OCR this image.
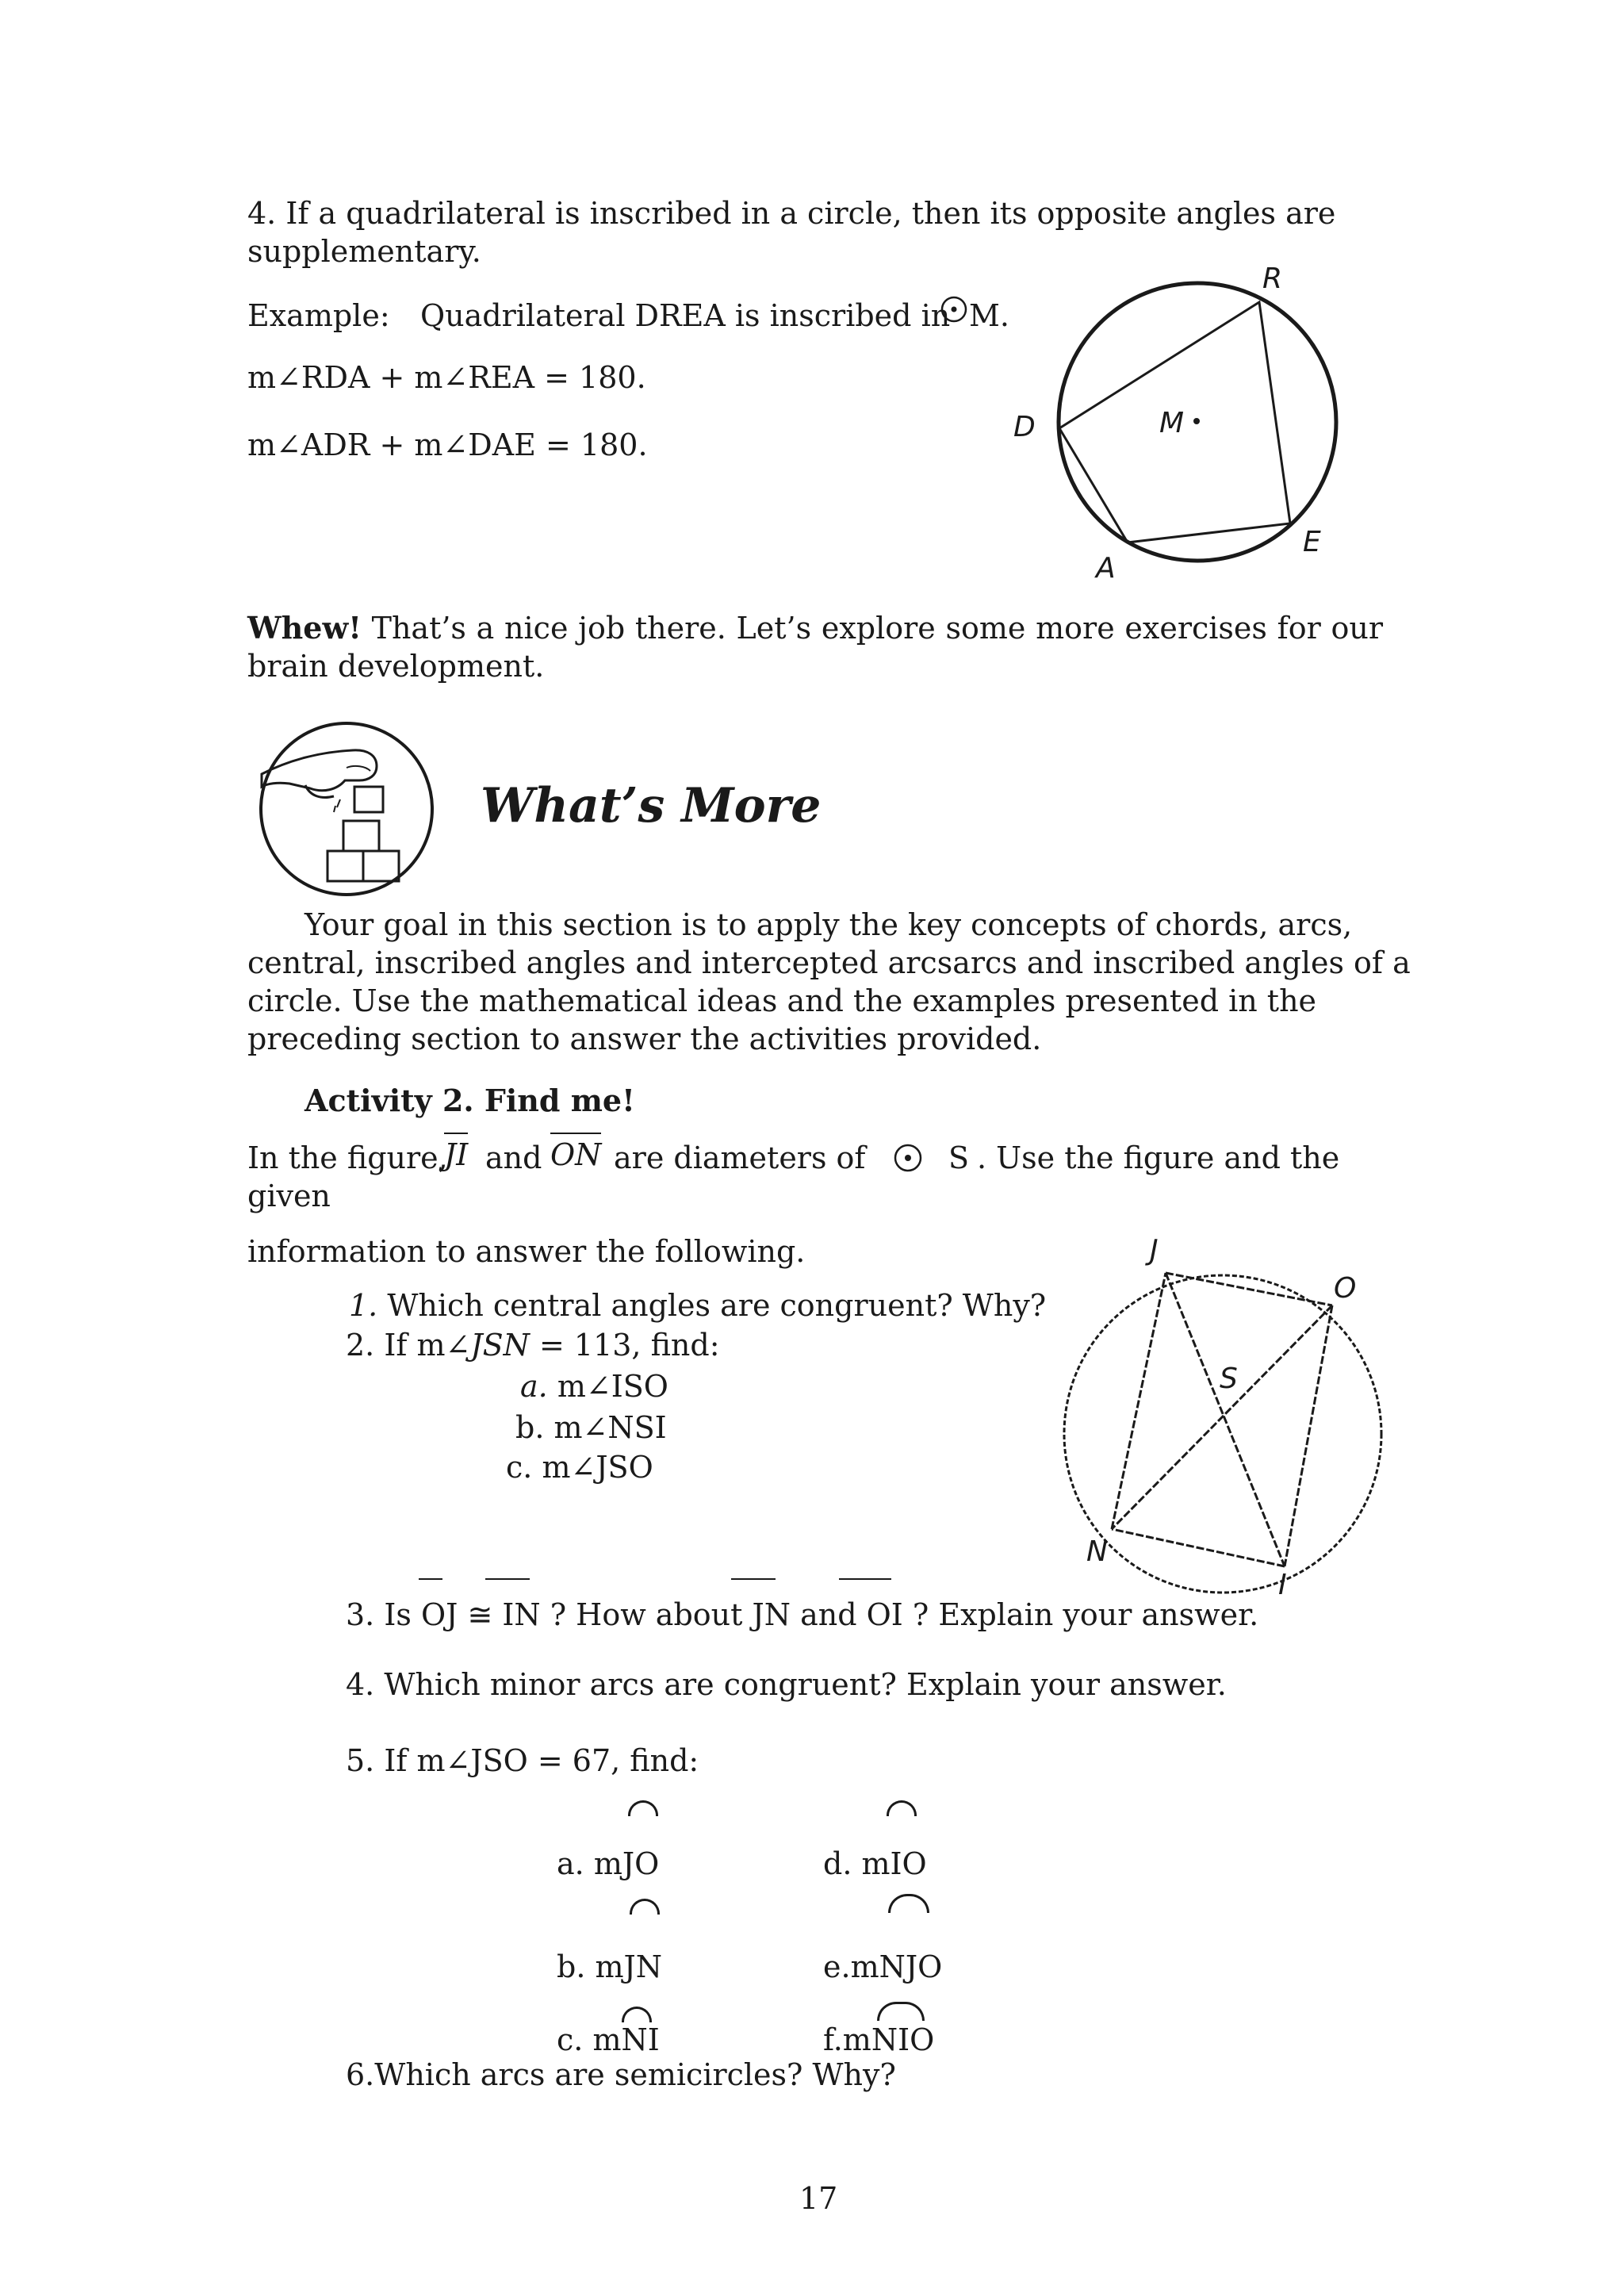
4. If a quadrilateral is inscribed in a circle, then its opposite angles are
supplementary.
Example: Quadrilateral DREA is inscribed in M.
m∠RDA + m∠REA = 180.
m∠ADR + m∠DAE = 180.
R
D	M
E
A
Whew! That’s a nice job there. Let’s explore some more exercises for our
brain development.
What’s More
Your goal in this section is to apply the key concepts of chords, arcs,
central, inscribed angles and intercepted arcsarcs and inscribed angles of a
circle. Use the mathematical ideas and the examples presented in the
preceding section to answer the activities provided.
Activity 2. Find me!
In the figure,
JI and ON are diameters of	S . Use the figure and the
given
information to answer the following.
1. Which central angles are congruent? Why?
2. If m∠JSN = 113, find:
a. m∠ISO
b. m∠NSI
c. m∠JSO
J
O
S
N
I
3. Is OJ ≅ IN ? How about JN and OI ? Explain your answer.
4. Which minor arcs are congruent? Explain your answer.
5. If m∠JSO = 67, find:
a. mJO	d. mIO
b. mJN	e.mNJO
c. mNI	f.mNIO
6.Which arcs are semicircles? Why?
17
